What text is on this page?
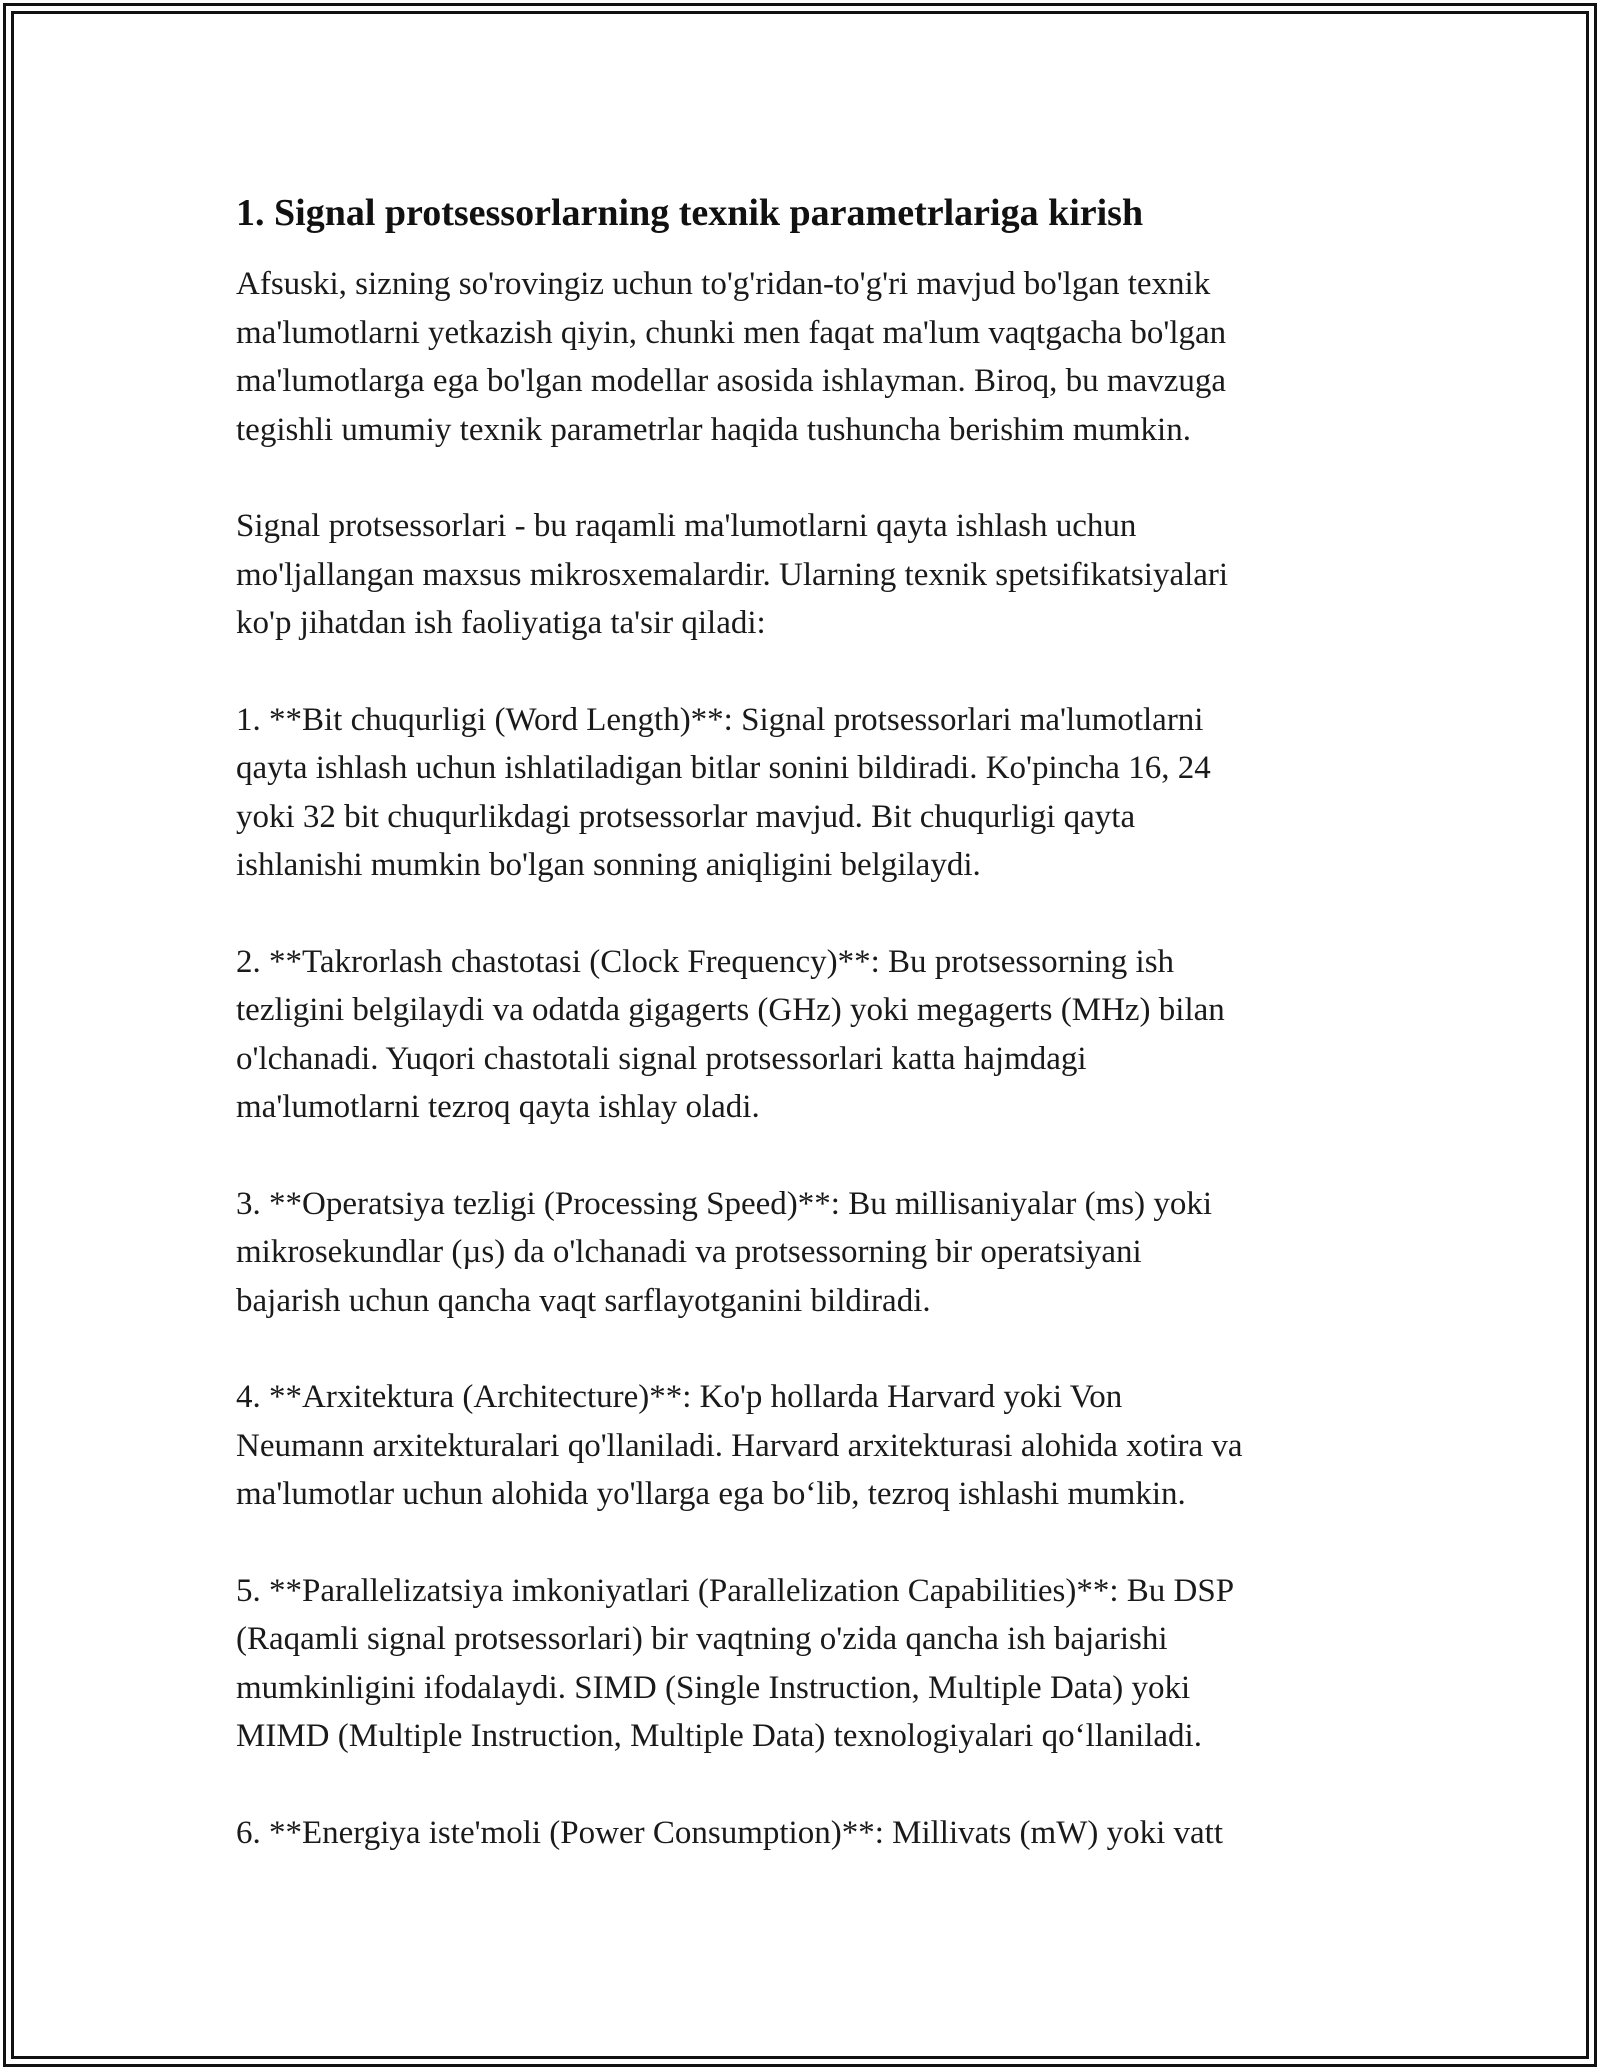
1. Signal protsessorlarning texnik parametrlariga kirish

Afsuski, sizning so'rovingiz uchun to'g'ridan-to'g'ri mavjud bo'lgan texnik
ma'lumotlarni yetkazish qiyin, chunki men faqat ma'lum vaqtgacha bo'lgan
ma'lumotlarga ega bo'lgan modellar asosida ishlayman. Biroq, bu mavzuga
tegishli umumiy texnik parametrlar haqida tushuncha berishim mumkin.

Signal protsessorlari - bu raqamli ma'lumotlarni qayta ishlash uchun
mo'ljallangan maxsus mikrosxemalardir. Ularning texnik spetsifikatsiyalari
ko'p jihatdan ish faoliyatiga ta'sir qiladi:

1. **Bit chuqurligi (Word Length)**: Signal protsessorlari ma'lumotlarni
qayta ishlash uchun ishlatiladigan bitlar sonini bildiradi. Ko'pincha 16, 24
yoki 32 bit chuqurlikdagi protsessorlar mavjud. Bit chuqurligi qayta
ishlanishi mumkin bo'lgan sonning aniqligini belgilaydi.

2. **Takrorlash chastotasi (Clock Frequency)**: Bu protsessorning ish
tezligini belgilaydi va odatda gigagerts (GHz) yoki megagerts (MHz) bilan
o'lchanadi. Yuqori chastotali signal protsessorlari katta hajmdagi
ma'lumotlarni tezroq qayta ishlay oladi.

3. **Operatsiya tezligi (Processing Speed)**: Bu millisaniyalar (ms) yoki
mikrosekundlar (µs) da o'lchanadi va protsessorning bir operatsiyani
bajarish uchun qancha vaqt sarflayotganini bildiradi.

4. **Arxitektura (Architecture)**: Ko'p hollarda Harvard yoki Von
Neumann arxitekturalari qo'llaniladi. Harvard arxitekturasi alohida xotira va
ma'lumotlar uchun alohida yo'llarga ega bo‘lib, tezroq ishlashi mumkin.

5. **Parallelizatsiya imkoniyatlari (Parallelization Capabilities)**: Bu DSP
(Raqamli signal protsessorlari) bir vaqtning o'zida qancha ish bajarishi
mumkinligini ifodalaydi. SIMD (Single Instruction, Multiple Data) yoki
MIMD (Multiple Instruction, Multiple Data) texnologiyalari qo‘llaniladi.

6. **Energiya iste'moli (Power Consumption)**: Millivats (mW) yoki vatt
